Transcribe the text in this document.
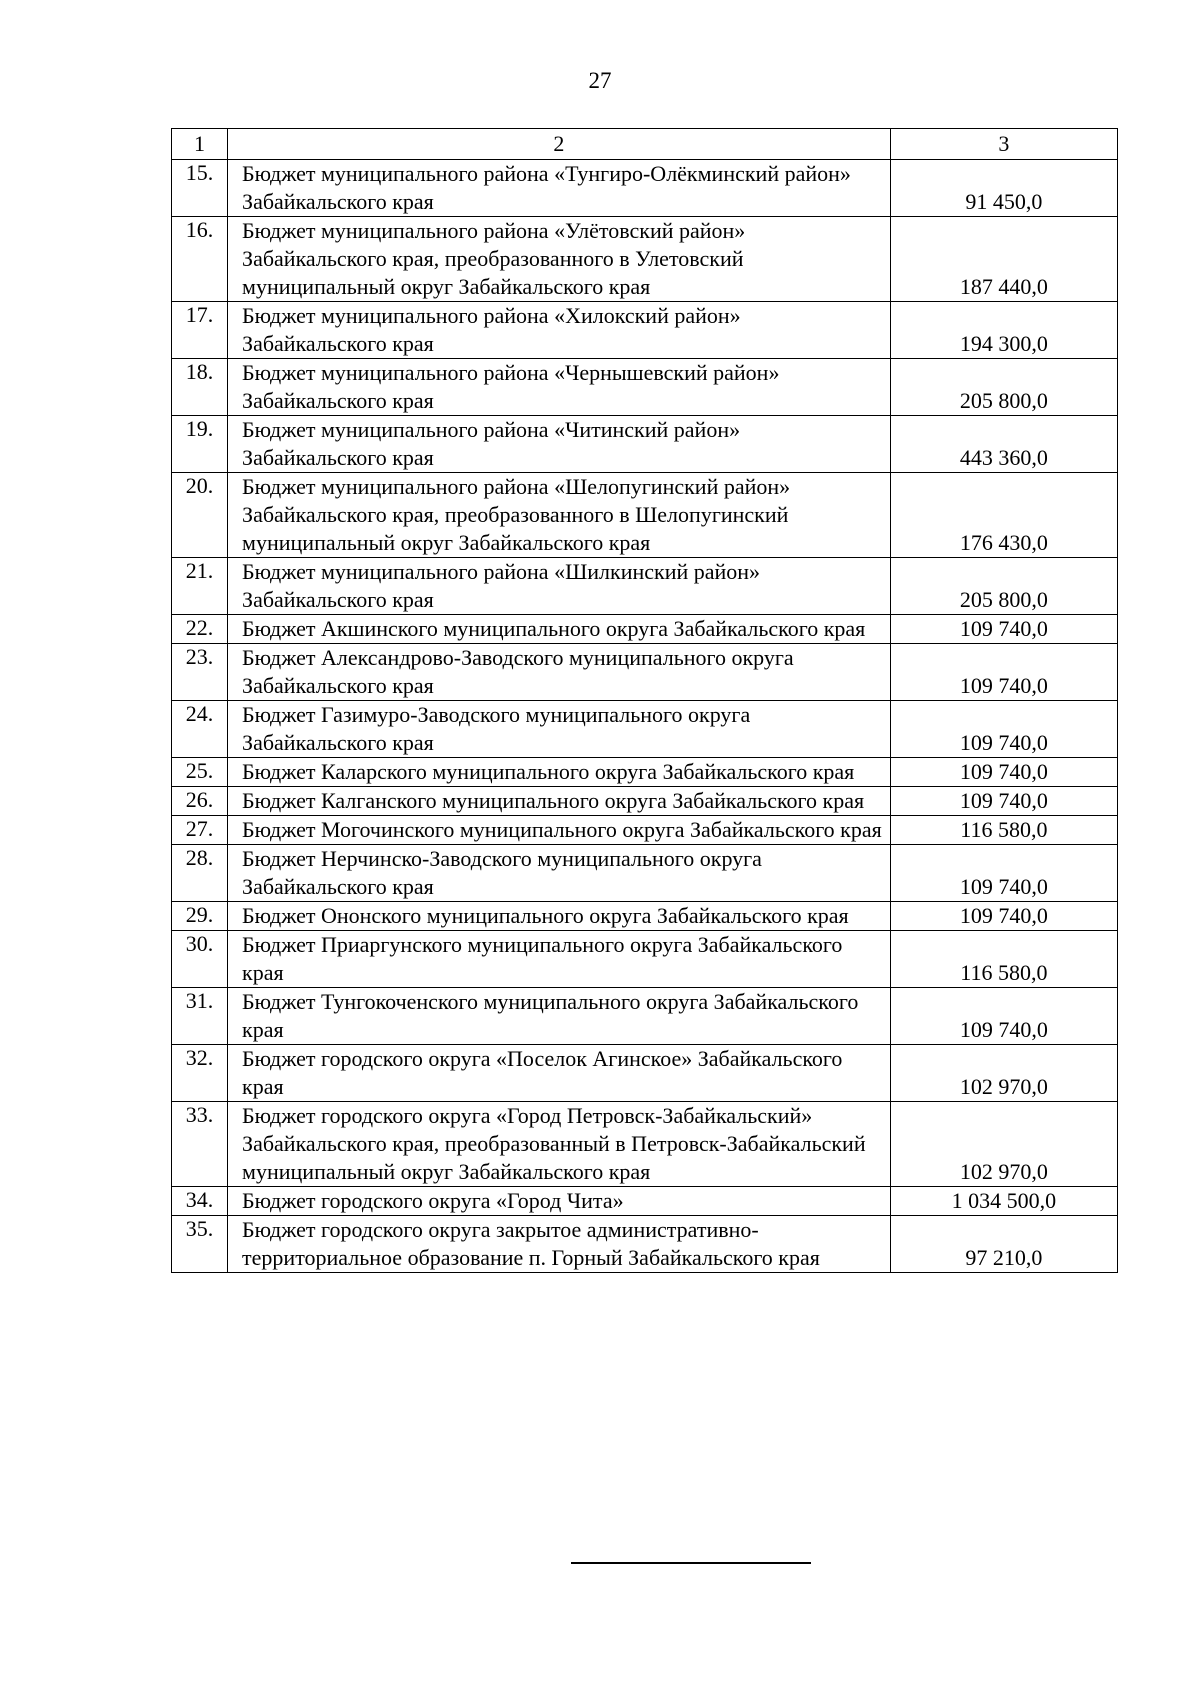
27
1	2	3
15.	Бюджет муниципального района «Тунгиро-Олёкминский район» Забайкальского края	91 450,0
16.	Бюджет муниципального района «Улётовский район» Забайкальского края, преобразованного в Улетовский муниципальный округ Забайкальского края	187 440,0
17.	Бюджет муниципального района «Хилокский район» Забайкальского края	194 300,0
18.	Бюджет муниципального района «Чернышевский район» Забайкальского края	205 800,0
19.	Бюджет муниципального района «Читинский район» Забайкальского края	443 360,0
20.	Бюджет муниципального района «Шелопугинский район» Забайкальского края, преобразованного в Шелопугинский муниципальный округ Забайкальского края	176 430,0
21.	Бюджет муниципального района «Шилкинский район» Забайкальского края	205 800,0
22.	Бюджет Акшинского муниципального округа Забайкальского края	109 740,0
23.	Бюджет Александрово-Заводского муниципального округа Забайкальского края	109 740,0
24.	Бюджет Газимуро-Заводского муниципального округа Забайкальского края	109 740,0
25.	Бюджет Каларского муниципального округа Забайкальского края	109 740,0
26.	Бюджет Калганского муниципального округа Забайкальского края	109 740,0
27.	Бюджет Могочинского муниципального округа Забайкальского края	116 580,0
28.	Бюджет Нерчинско-Заводского муниципального округа Забайкальского края	109 740,0
29.	Бюджет Ононского муниципального округа Забайкальского края	109 740,0
30.	Бюджет Приаргунского муниципального округа Забайкальского края	116 580,0
31.	Бюджет Тунгокоченского муниципального округа Забайкальского края	109 740,0
32.	Бюджет городского округа «Поселок Агинское» Забайкальского края	102 970,0
33.	Бюджет городского округа «Город Петровск-Забайкальский» Забайкальского края, преобразованный в Петровск-Забайкальский муниципальный округ Забайкальского края	102 970,0
34.	Бюджет городского округа «Город Чита»	1 034 500,0
35.	Бюджет городского округа закрытое административно-территориальное образование п. Горный Забайкальского края	97 210,0
